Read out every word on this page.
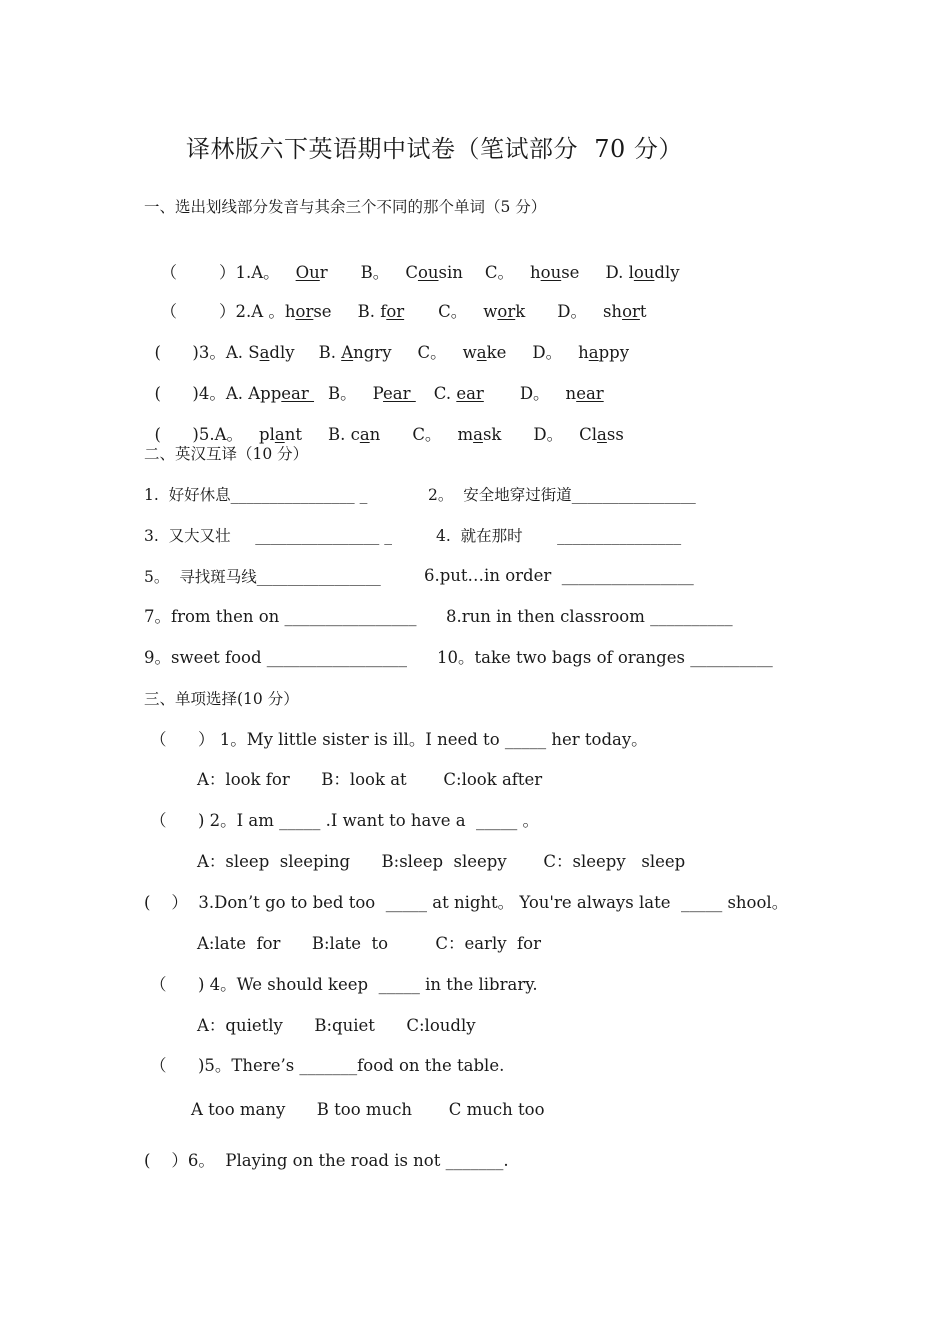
译林版六下英语期中试卷（笔试部分  70 分）
一、选出划线部分发音与其余三个不同的那个单词（5 分）

（        ）1.A。 Our B。 Cousin C。 house D. loudly

（        ）2.A 。horse B. for C。 work D。 short

(      )3。A. Sadly B. Angry C。 wake D。 happy

(      )4。A. Appear B。 Pear C. ear D。 near

(      )5.A。 plant B. can C。 mask D。 Class

二、英汉互译（10 分）
1.  好好休息________________ _	2。  安全地穿过街道________________
3.  又大又壮     ________________ _	4.  就在那时       ________________
5。  寻找斑马线________________	6.put…in order  ________________
7。from then on ________________ 8.run in then classroom __________
9。sweet food _________________ 10。take two bags of oranges __________
三、单项选择(10 分）
（      ） 1。My little sister is ill。I need to _____ her today。
A：look for      B：look at       C:look after
（      ) 2。I am _____ .I want to have a  _____ 。
A：sleep  sleeping      B:sleep  sleepy       C：sleepy   sleep
(    ）  3.Don’t go to bed too  _____ at night。 You're always late  _____ shool。
A:late  for      B:late  to         C：early  for
（      ) 4。We should keep  _____ in the library.
A：quietly      B:quiet      C:loudly
（      )5。There’s _______food on the table.
A too many      B too much       C much too
(    ）6。  Playing on the road is not _______.
